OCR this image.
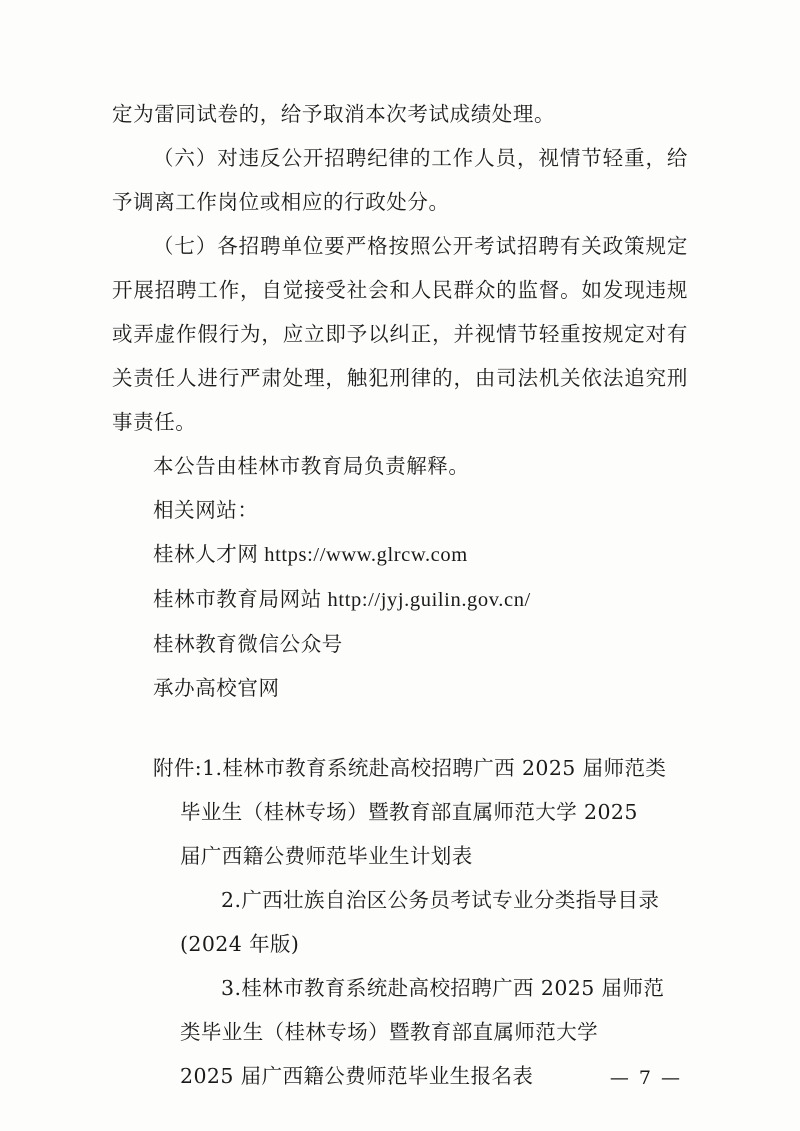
定为雷同试卷的，给予取消本次考试成绩处理。

（六）对违反公开招聘纪律的工作人员，视情节轻重，给予调离工作岗位或相应的行政处分。

（七）各招聘单位要严格按照公开考试招聘有关政策规定开展招聘工作，自觉接受社会和人民群众的监督。如发现违规或弄虚作假行为，应立即予以纠正，并视情节轻重按规定对有关责任人进行严肃处理，触犯刑律的，由司法机关依法追究刑事责任。

本公告由桂林市教育局负责解释。

相关网站：

桂林人才网 https://www.glrcw.com

桂林市教育局网站 http://jyj.guilin.gov.cn/

桂林教育微信公众号

承办高校官网

附件:1.桂林市教育系统赴高校招聘广西 2025 届师范类

毕业生（桂林专场）暨教育部直属师范大学 2025

届广西籍公费师范毕业生计划表

2.广西壮族自治区公务员考试专业分类指导目录

(2024 年版)

3.桂林市教育系统赴高校招聘广西 2025 届师范

类毕业生（桂林专场）暨教育部直属师范大学

2025 届广西籍公费师范毕业生报名表	— 7 —
